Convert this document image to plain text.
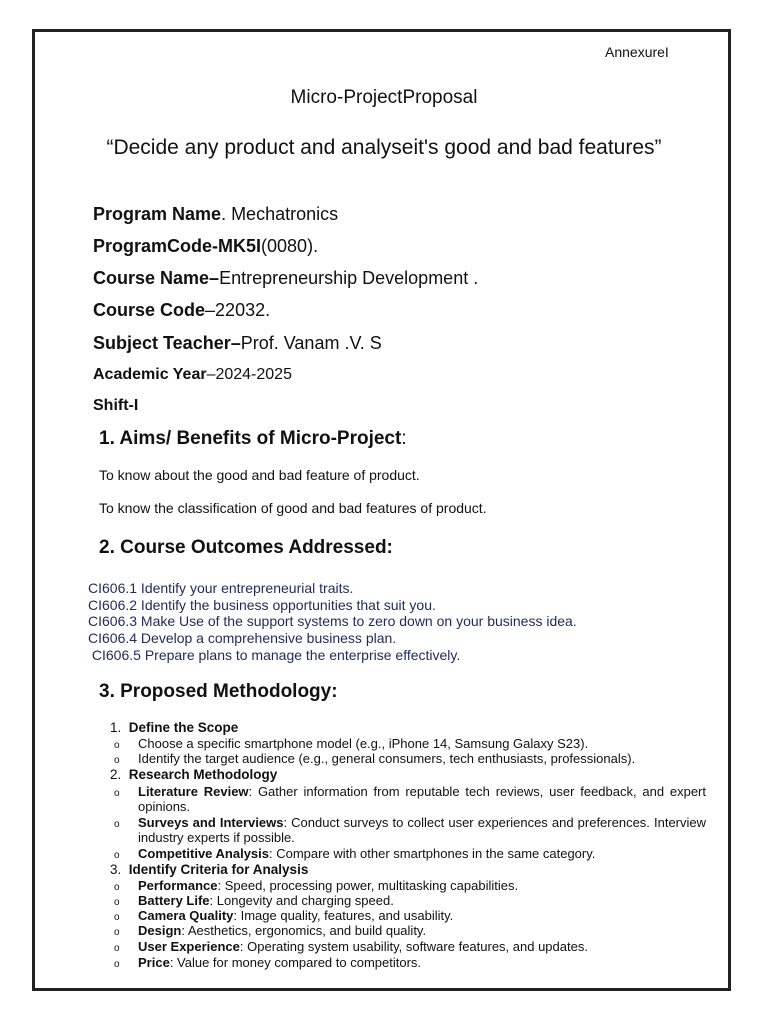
AnnexureI
Micro-ProjectProposal
“Decide any product and analyseit's good and bad features”
Program Name. Mechatronics
ProgramCode-MK5I(0080).
Course Name–Entrepreneurship Development .
Course Code–22032.
Subject Teacher–Prof. Vanam .V. S
Academic Year–2024-2025
Shift-I
1. Aims/ Benefits of Micro-Project:
To know about the good and bad feature of product.
To know the classification of good and bad features of product.
2. Course Outcomes Addressed:
CI606.1 Identify your entrepreneurial traits.
CI606.2 Identify the business opportunities that suit you.
CI606.3 Make Use of the support systems to zero down on your business idea.
CI606.4 Develop a comprehensive business plan.
CI606.5 Prepare plans to manage the enterprise effectively.
3. Proposed Methodology:
1. Define the Scope
o Choose a specific smartphone model (e.g., iPhone 14, Samsung Galaxy S23).
o Identify the target audience (e.g., general consumers, tech enthusiasts, professionals).
2. Research Methodology
o Literature Review: Gather information from reputable tech reviews, user feedback, and expert opinions.
o Surveys and Interviews: Conduct surveys to collect user experiences and preferences. Interview industry experts if possible.
o Competitive Analysis: Compare with other smartphones in the same category.
3. Identify Criteria for Analysis
o Performance: Speed, processing power, multitasking capabilities.
o Battery Life: Longevity and charging speed.
o Camera Quality: Image quality, features, and usability.
o Design: Aesthetics, ergonomics, and build quality.
o User Experience: Operating system usability, software features, and updates.
o Price: Value for money compared to competitors.
